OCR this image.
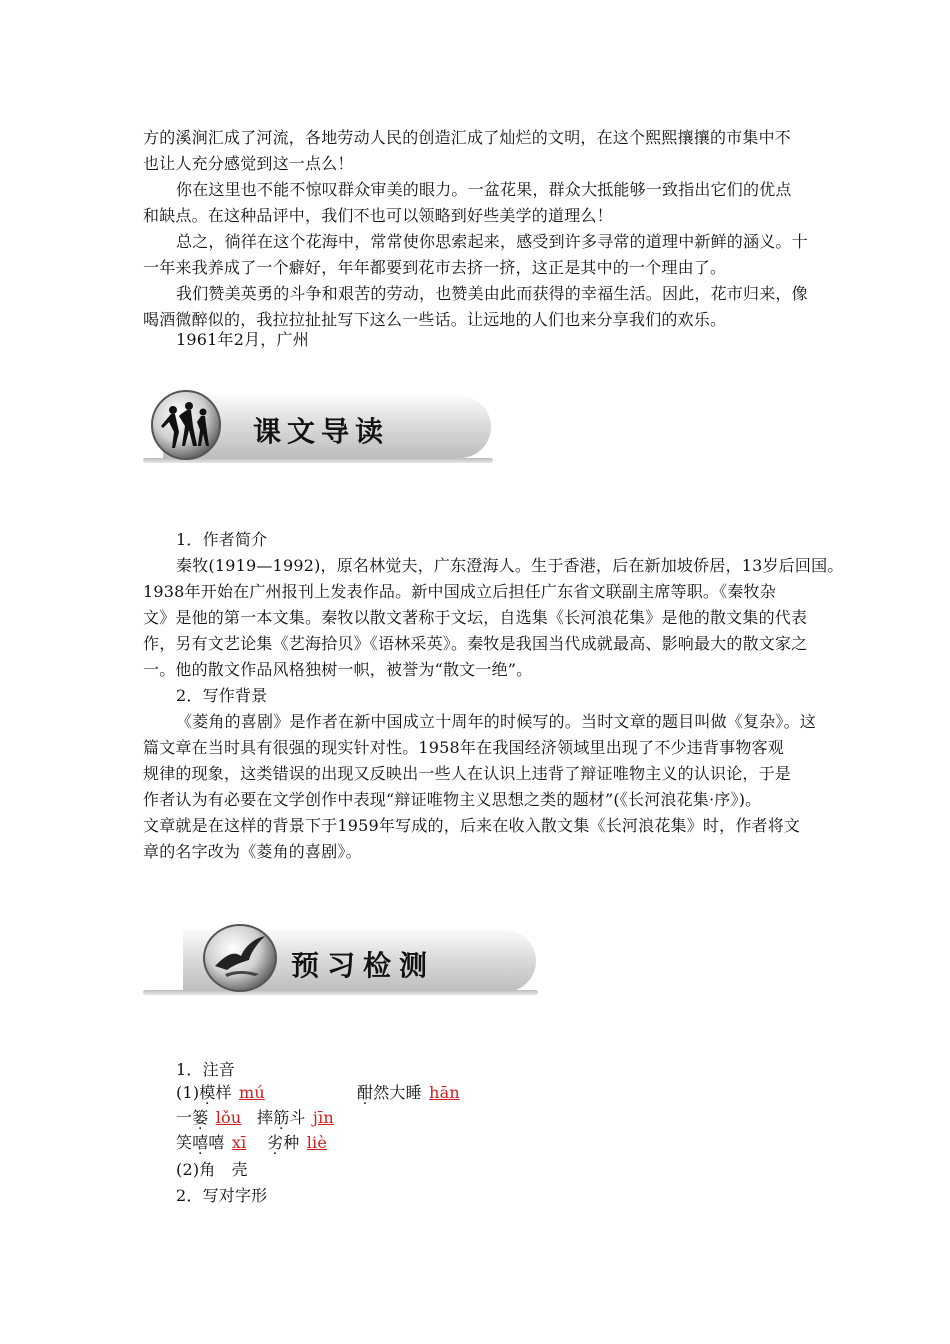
方的溪涧汇成了河流，各地劳动人民的创造汇成了灿烂的文明，在这个熙熙攘攘的市集中不
也让人充分感觉到这一点么！
你在这里也不能不惊叹群众审美的眼力。一盆花果，群众大抵能够一致指出它们的优点
和缺点。在这种品评中，我们不也可以领略到好些美学的道理么！
总之，徜徉在这个花海中，常常使你思索起来，感受到许多寻常的道理中新鲜的涵义。十
一年来我养成了一个癖好，年年都要到花市去挤一挤，这正是其中的一个理由了。
我们赞美英勇的斗争和艰苦的劳动，也赞美由此而获得的幸福生活。因此，花市归来，像
喝酒微醉似的，我拉拉扯扯写下这么一些话。让远地的人们也来分享我们的欢乐。
1961年2月，广州
课文导读
1．作者简介
秦牧(1919—1992)，原名林觉夫，广东澄海人。生于香港，后在新加坡侨居，13岁后回国。
1938年开始在广州报刊上发表作品。新中国成立后担任广东省文联副主席等职。《秦牧杂
文》是他的第一本文集。秦牧以散文著称于文坛，自选集《长河浪花集》是他的散文集的代表
作，另有文艺论集《艺海拾贝》《语林采英》。秦牧是我国当代成就最高、影响最大的散文家之
一。他的散文作品风格独树一帜，被誉为“散文一绝”。
2．写作背景
《菱角的喜剧》是作者在新中国成立十周年的时候写的。当时文章的题目叫做《复杂》。这
篇文章在当时具有很强的现实针对性。1958年在我国经济领域里出现了不少违背事物客观
规律的现象，这类错误的出现又反映出一些人在认识上违背了辩证唯物主义的认识论，于是
作者认为有必要在文学创作中表现“辩证唯物主义思想之类的题材”(《长河浪花集·序》)。
文章就是在这样的背景下于1959年写成的，后来在收入散文集《长河浪花集》时，作者将文
章的名字改为《菱角的喜剧》。
预习检测
1．注音
(1)模样 mú	酣然大睡 hān
一篓 lǒu 摔筋斗 jīn
笑嘻嘻 xī 劣种 liè
(2)角　壳
2．写对字形
